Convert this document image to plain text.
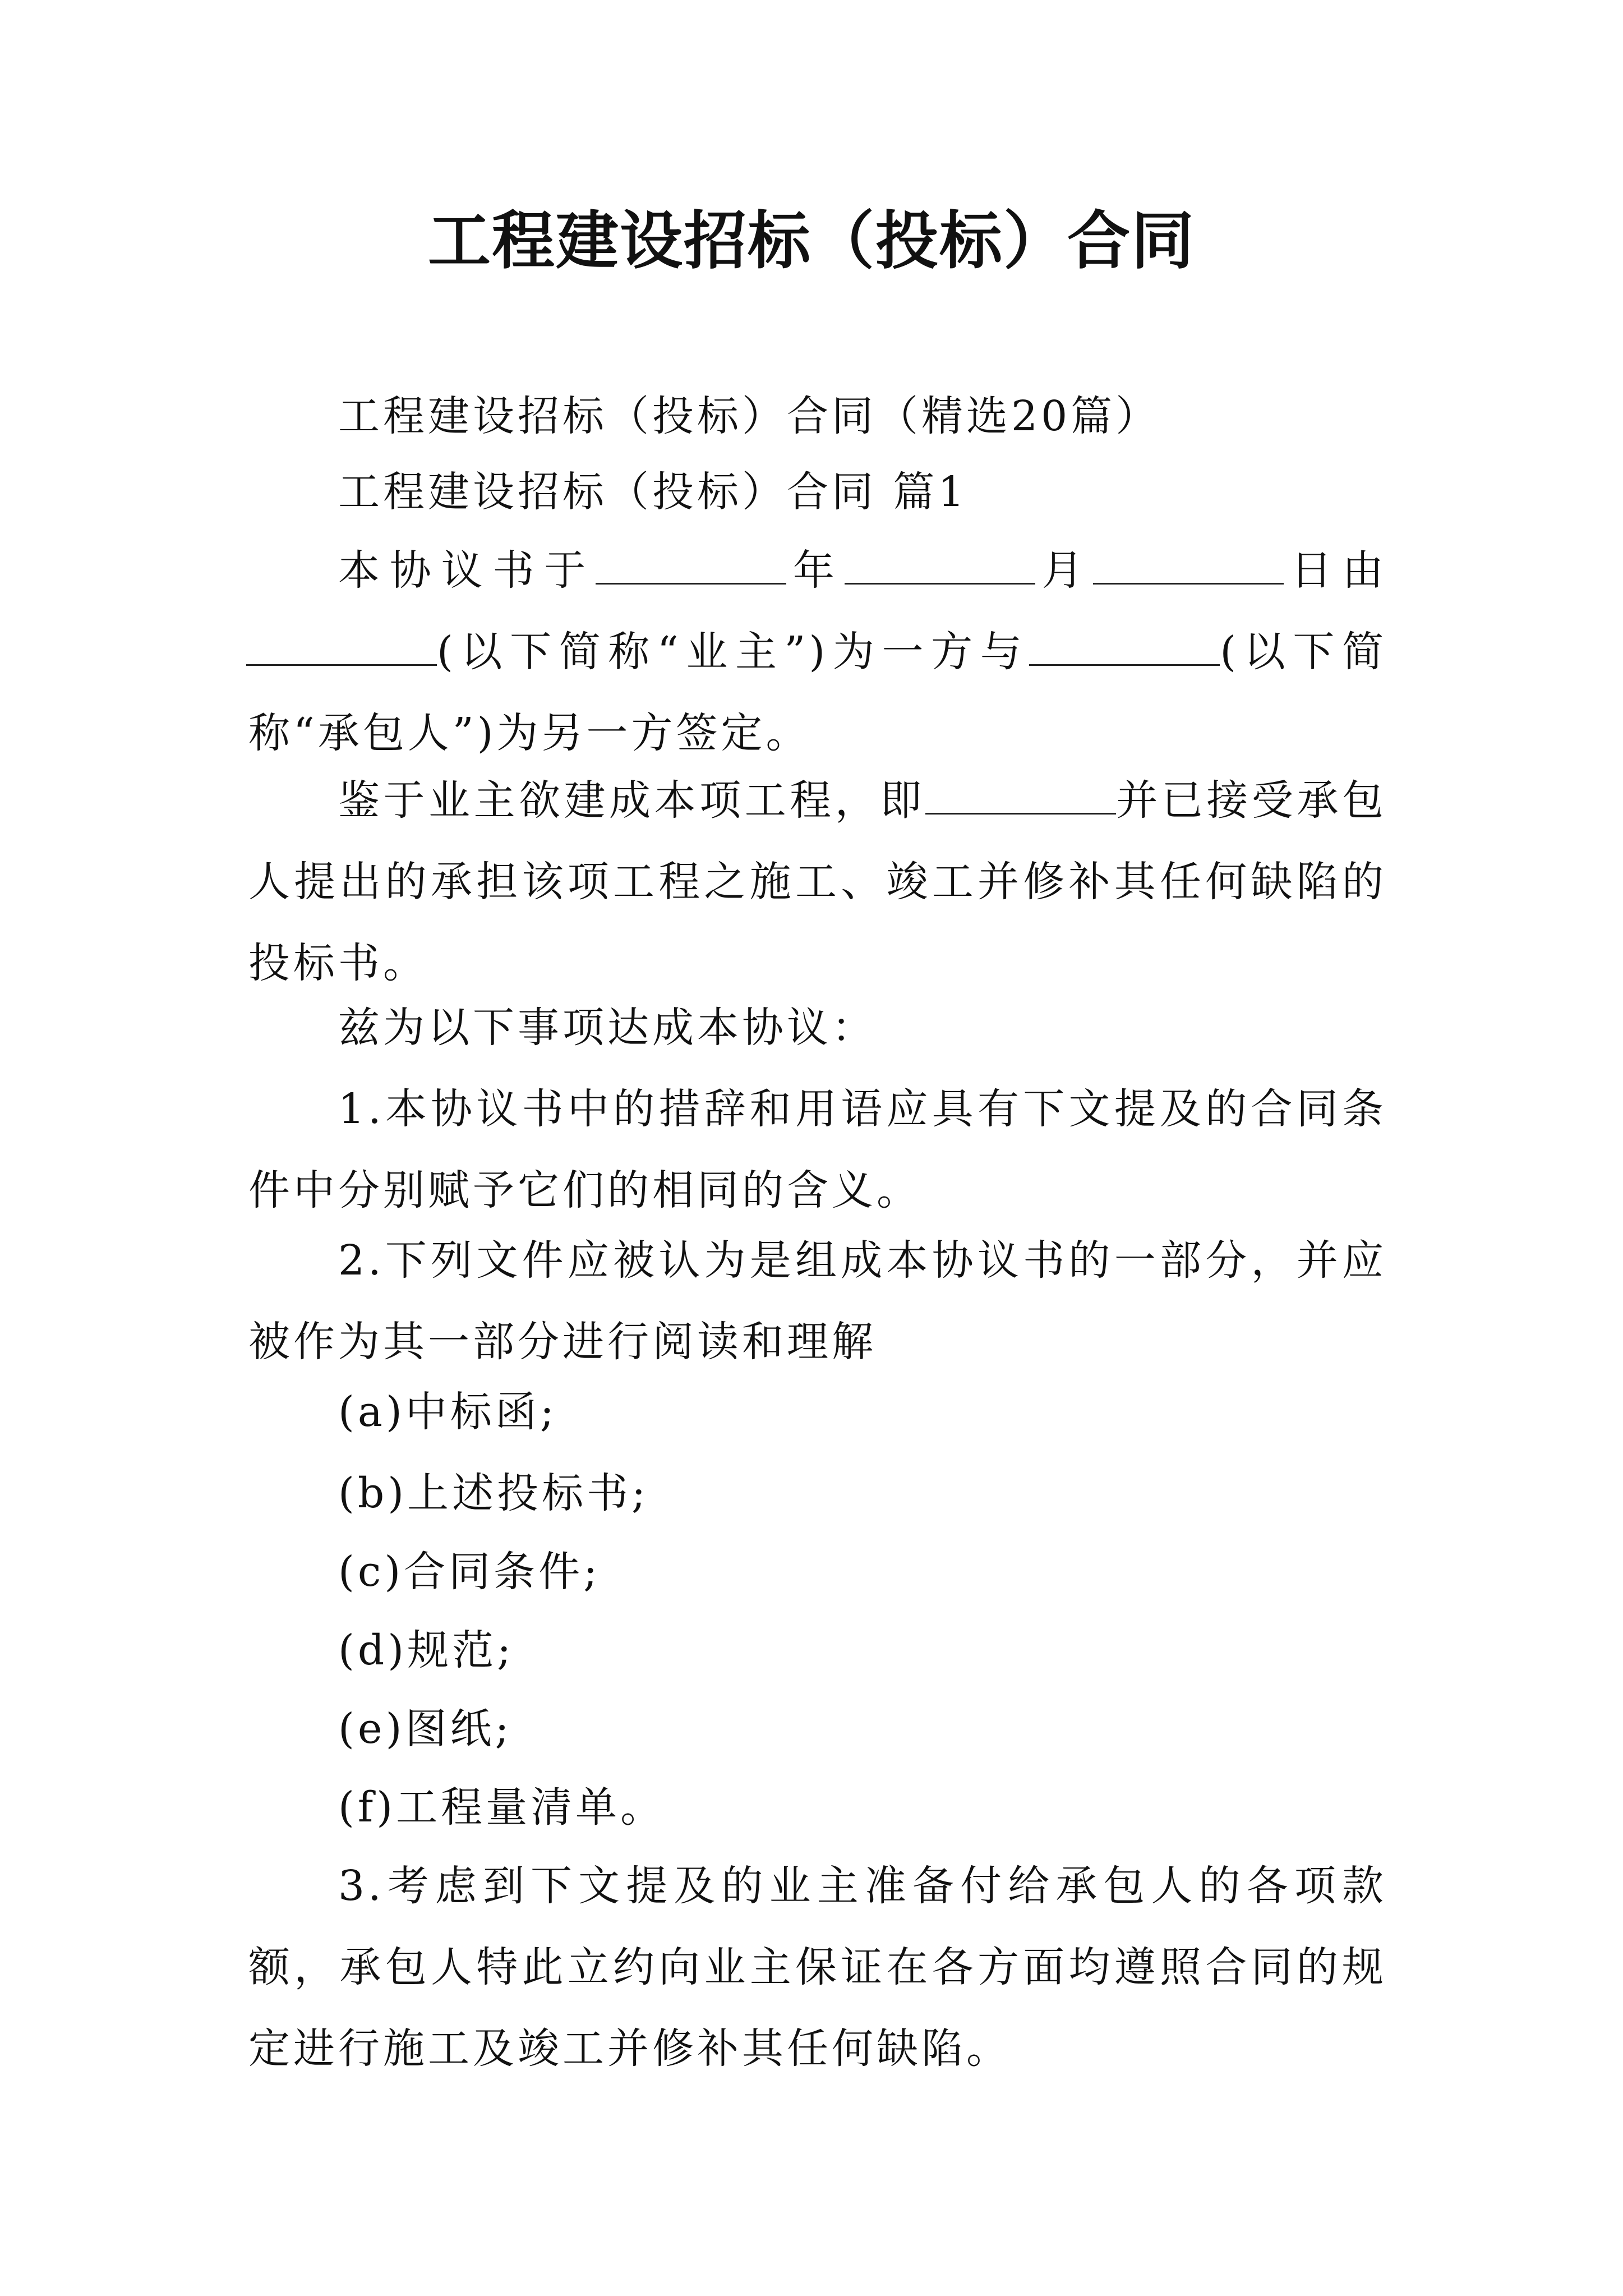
工程建设招标（投标）合同

工程建设招标（投标）合同（精选20篇）

工程建设招标（投标）合同 篇1

本协议书于	年	月	日由(以下简称“业主”)为一方与	(以下简称“承包人”)为另一方签定。

鉴于业主欲建成本项工程，即	并已接受承包人提出的承担该项工程之施工、竣工并修补其任何缺陷的投标书。

兹为以下事项达成本协议：

1.本协议书中的措辞和用语应具有下文提及的合同条件中分别赋予它们的相同的含义。

2.下列文件应被认为是组成本协议书的一部分，并应被作为其一部分进行阅读和理解

(a)中标函;

(b)上述投标书;

(c)合同条件;

(d)规范;

(e)图纸;

(f)工程量清单。

3.考虑到下文提及的业主准备付给承包人的各项款额，承包人特此立约向业主保证在各方面均遵照合同的规定进行施工及竣工并修补其任何缺陷。
